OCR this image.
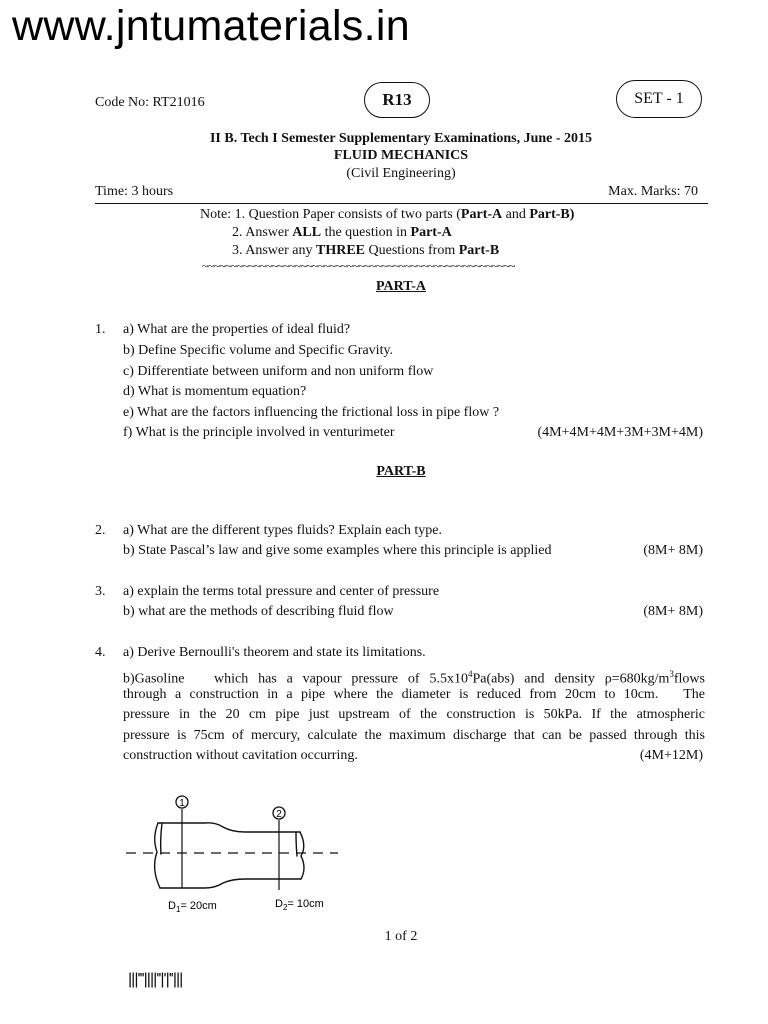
www.jntumaterials.in
Code No: RT21016	R13	SET - 1
II B. Tech I Semester Supplementary Examinations, June - 2015
FLUID MECHANICS
(Civil Engineering)
Time: 3 hours	Max. Marks: 70
Note: 1. Question Paper consists of two parts (Part-A and Part-B)
2. Answer ALL the question in Part-A
3. Answer any THREE Questions from Part-B
~~~~~~~~~~~~~~~~~~~~~~~~~~~~~~~~~~~~~~~~~~~~~~~~~~~~~~
PART-A
1.	a) What are the properties of ideal fluid?
b) Define Specific volume and Specific Gravity.
c) Differentiate between uniform and non uniform flow
d) What is momentum equation?
e) What are the factors influencing the frictional loss in pipe flow ?
f) What is the principle involved in venturimeter	(4M+4M+4M+3M+3M+4M)
PART-B
2.	a) What are the different types fluids? Explain each type.
b) State Pascal’s law and give some examples where this principle is applied	(8M+ 8M)
3.	a) explain the terms total pressure and center of pressure
b) what are the methods of describing fluid flow	(8M+ 8M)
4.	a) Derive Bernoulli's theorem and state its limitations.
b)Gasoline   which has a vapour pressure of $5.5x10^4Pa(abs)$ and density $\rho=680kg/m^3flows$
through a construction in a pipe where the diameter is reduced from 20cm to 10cm.   The
pressure in the 20 cm pipe just upstream of the construction is 50kPa. If the atmospheric
pressure is 75cm of mercury, calculate the maximum discharge that can be passed through this
construction without cavitation occurring.	(4M+12M)
1
2
$D_1= 20cm$	$D_2= 10cm$
1 of 2
|||'''||||''|'|''|||
